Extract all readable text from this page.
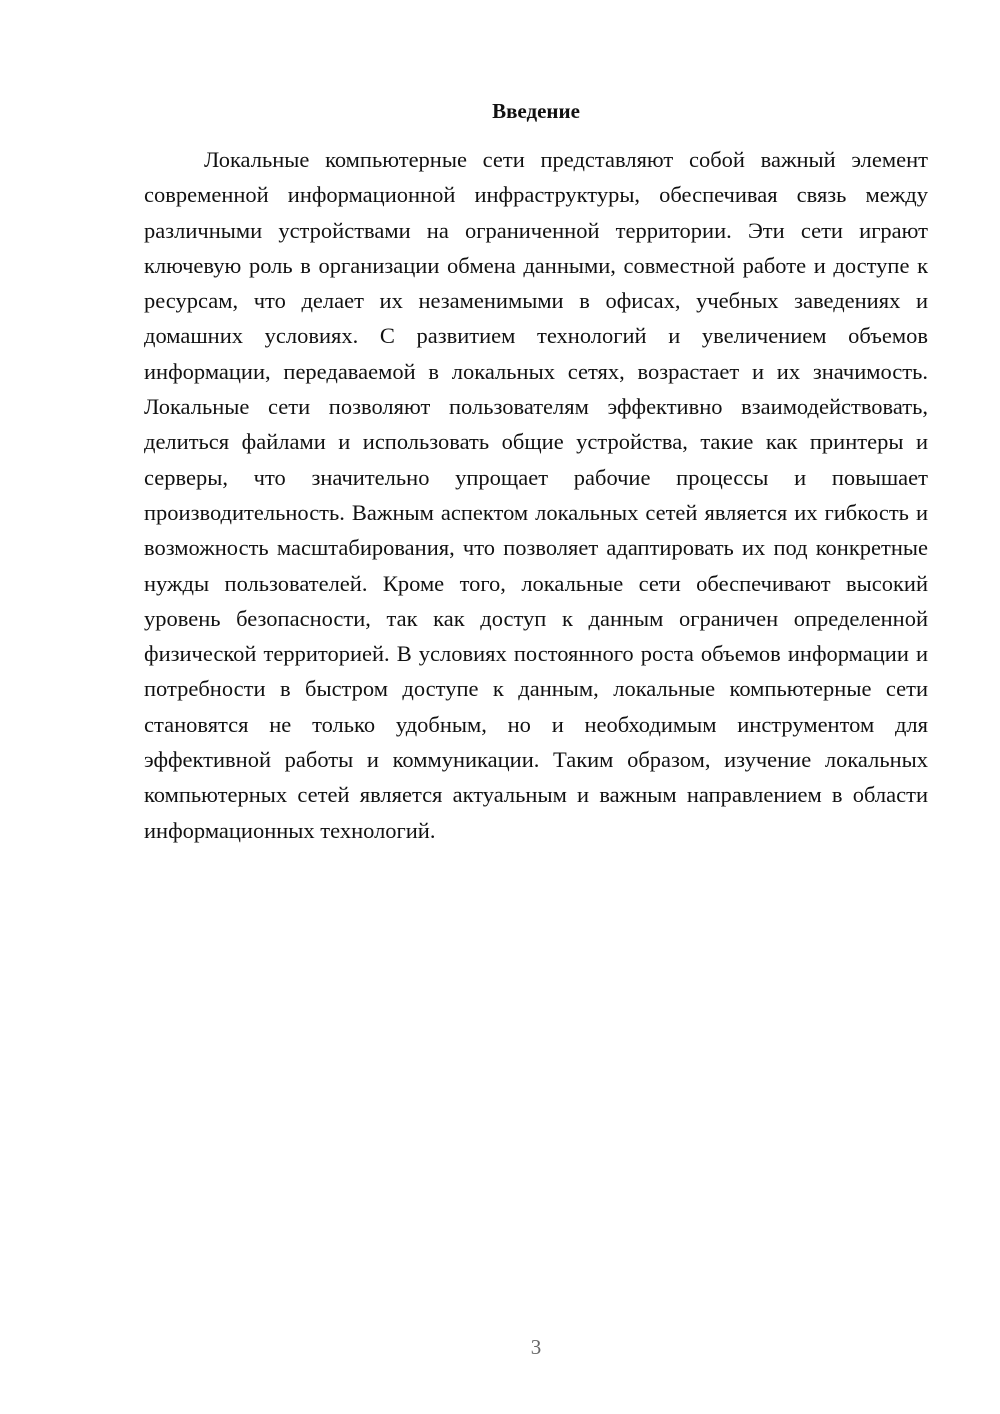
Введение

Локальные компьютерные сети представляют собой важный элемент современной информационной инфраструктуры, обеспечивая связь между различными устройствами на ограниченной территории. Эти сети играют ключевую роль в организации обмена данными, совместной работе и доступе к ресурсам, что делает их незаменимыми в офисах, учебных заведениях и домашних условиях. С развитием технологий и увеличением объемов информации, передаваемой в локальных сетях, возрастает и их значимость. Локальные сети позволяют пользователям эффективно взаимодействовать, делиться файлами и использовать общие устройства, такие как принтеры и серверы, что значительно упрощает рабочие процессы и повышает производительность. Важным аспектом локальных сетей является их гибкость и возможность масштабирования, что позволяет адаптировать их под конкретные нужды пользователей. Кроме того, локальные сети обеспечивают высокий уровень безопасности, так как доступ к данным ограничен определенной физической территорией. В условиях постоянного роста объемов информации и потребности в быстром доступе к данным, локальные компьютерные сети становятся не только удобным, но и необходимым инструментом для эффективной работы и коммуникации. Таким образом, изучение локальных компьютерных сетей является актуальным и важным направлением в области информационных технологий.

3
